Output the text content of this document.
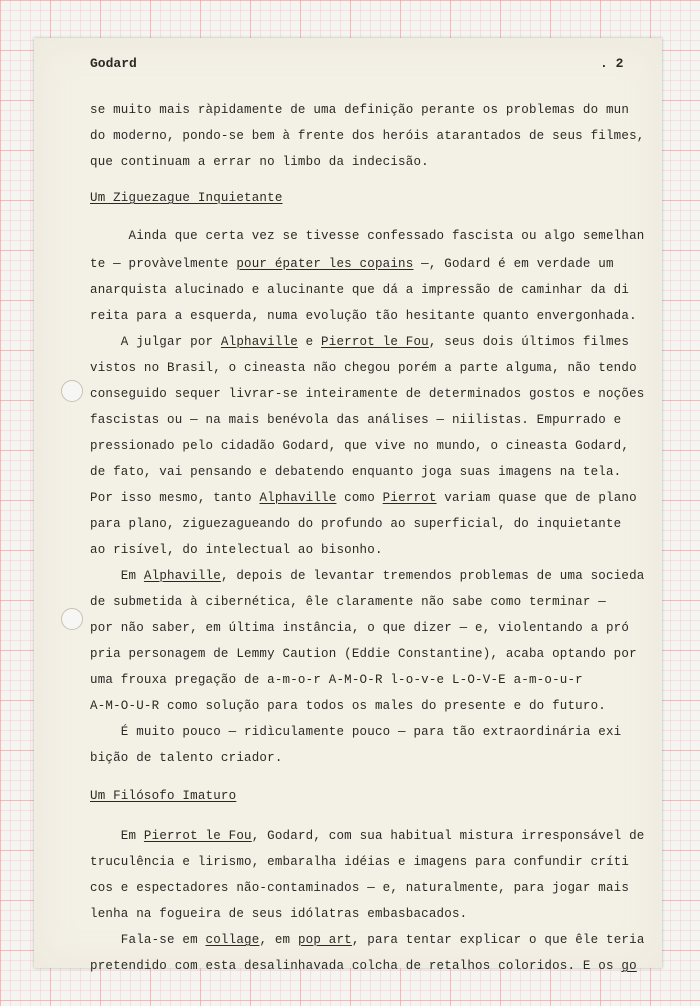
Godard	. 2
se muito mais ràpidamente de uma definição perante os problemas do mun
do moderno, pondo-se bem à frente dos heróis atarantados de seus filmes,
que continuam a errar no limbo da indecisão.
Um Ziguezague Inquietante
Ainda que certa vez se tivesse confessado fascista ou algo semelhan
te — provàvelmente pour épater les copains —, Godard é em verdade um
anarquista alucinado e alucinante que dá a impressão de caminhar da di
reita para a esquerda, numa evolução tão hesitante quanto envergonhada.
A julgar por Alphaville e Pierrot le Fou, seus dois últimos filmes
vistos no Brasil, o cineasta não chegou porém a parte alguma, não tendo
conseguido sequer livrar-se inteiramente de determinados gostos e noções
fascistas ou — na mais benévola das análises — niilistas. Empurrado e
pressionado pelo cidadão Godard, que vive no mundo, o cineasta Godard,
de fato, vai pensando e debatendo enquanto joga suas imagens na tela.
Por isso mesmo, tanto Alphaville como Pierrot variam quase que de plano
para plano, ziguezagueando do profundo ao superficial, do inquietante
ao risível, do intelectual ao bisonho.
Em Alphaville, depois de levantar tremendos problemas de uma socieda
de submetida à cibernética, êle claramente não sabe como terminar —
por não saber, em última instância, o que dizer — e, violentando a pró
pria personagem de Lemmy Caution (Eddie Constantine), acaba optando por
uma frouxa pregação de a-m-o-r A-M-O-R l-o-v-e L-O-V-E a-m-o-u-r
A-M-O-U-R como solução para todos os males do presente e do futuro.
É muito pouco — ridìculamente pouco — para tão extraordinária exi
bição de talento criador.
Um Filósofo Imaturo
Em Pierrot le Fou, Godard, com sua habitual mistura irresponsável de
truculência e lirismo, embaralha idéias e imagens para confundir críti
cos e espectadores não-contaminados — e, naturalmente, para jogar mais
lenha na fogueira de seus idólatras embasbacados.
Fala-se em collage, em pop art, para tentar explicar o que êle teria
pretendido com esta desalinhavada colcha de retalhos coloridos. E os go
